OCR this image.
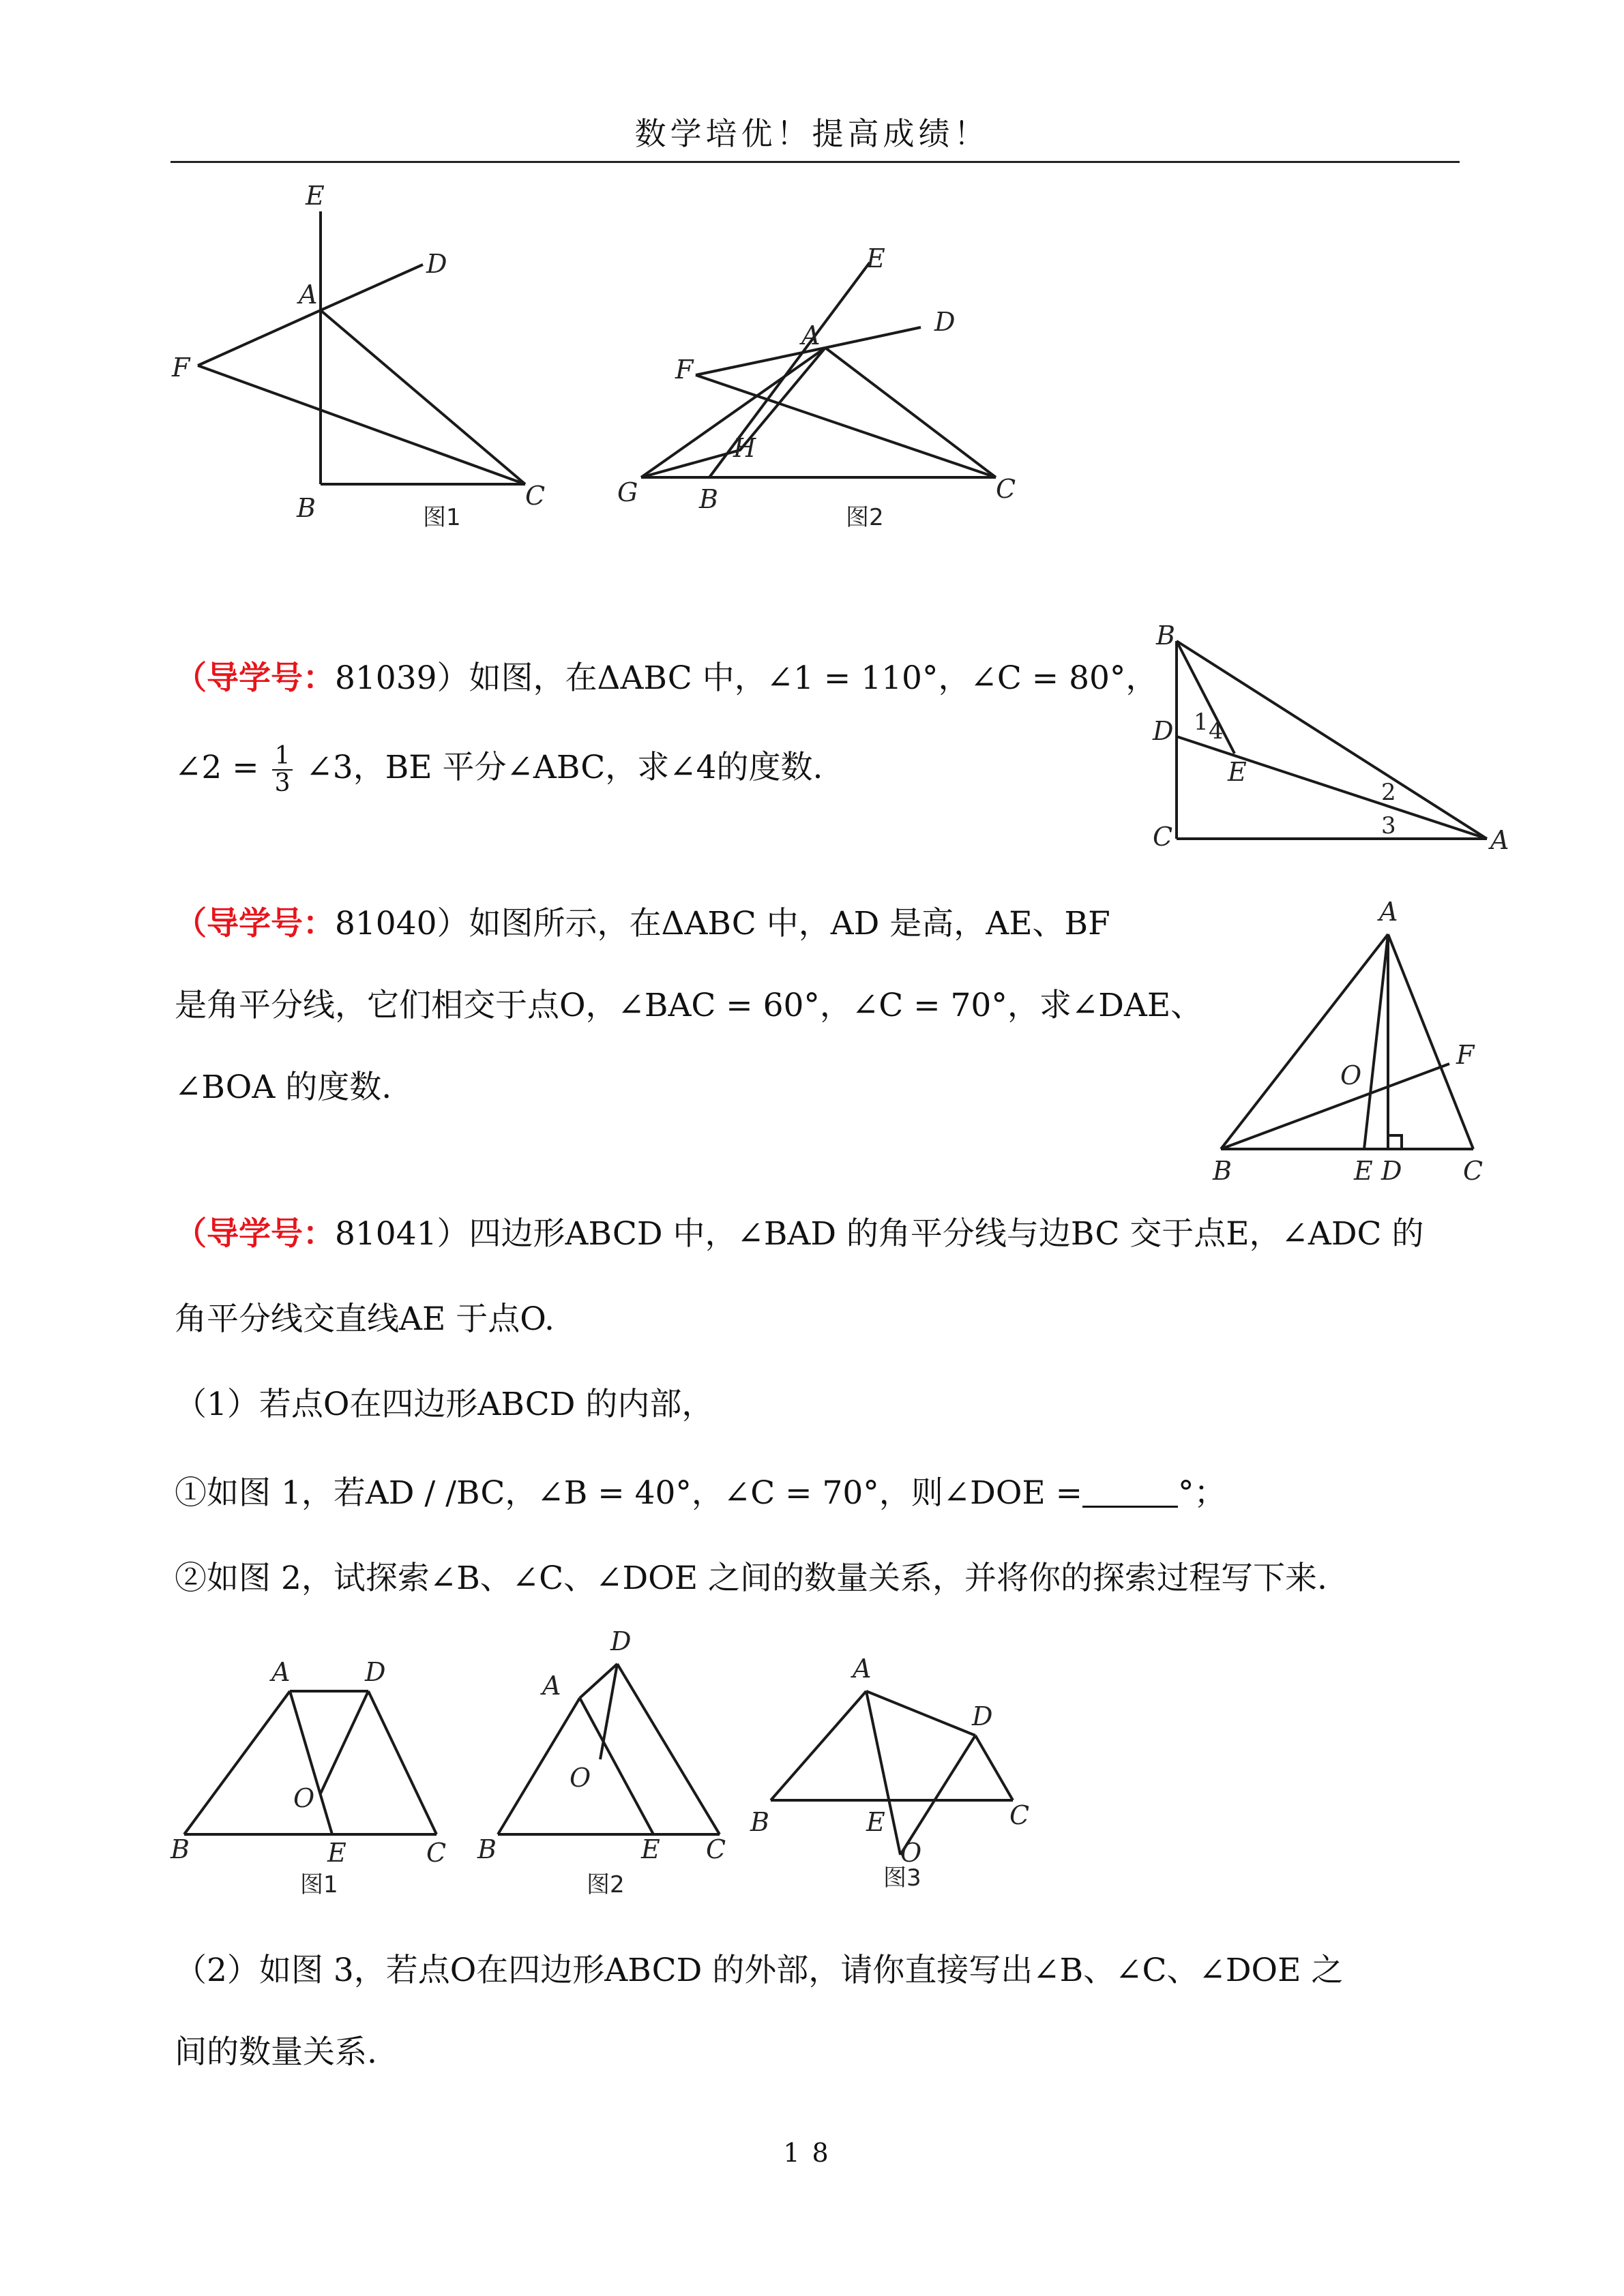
数学培优！提高成绩！
E
D
A
F
B	C
图1
E
D
A
F
H
G B	C
图2
（导学号：81039）如图，在ΔABC 中，∠1 = 110°，∠C = 80°，
∠2 = $\frac{1}{3}$ ∠3，BE 平分∠ABC，求∠4的度数.
B
D
C
E
A
1 4
2
3
（导学号：81040）如图所示，在ΔABC 中，AD 是高，AE、BF
是角平分线，它们相交于点O，∠BAC = 60°，∠C = 70°，求∠DAE、
∠BOA 的度数.
A
F
O
B	E D C
（导学号：81041）四边形ABCD 中，∠BAD 的角平分线与边BC 交于点E，∠ADC 的
角平分线交直线AE 于点O.
（1）若点O在四边形ABCD 的内部，
①如图 1，若AD / /BC，∠B = 40°，∠C = 70°，则∠DOE =	°；
②如图 2，试探索∠B、∠C、∠DOE 之间的数量关系，并将你的探索过程写下来.
A	D
O
B	E	C
图1
A
D
O
B	E C
图2
A
D
B	E
O
C
图3
（2）如图 3，若点O在四边形ABCD 的外部，请你直接写出∠B、∠C、∠DOE 之
间的数量关系.
18
